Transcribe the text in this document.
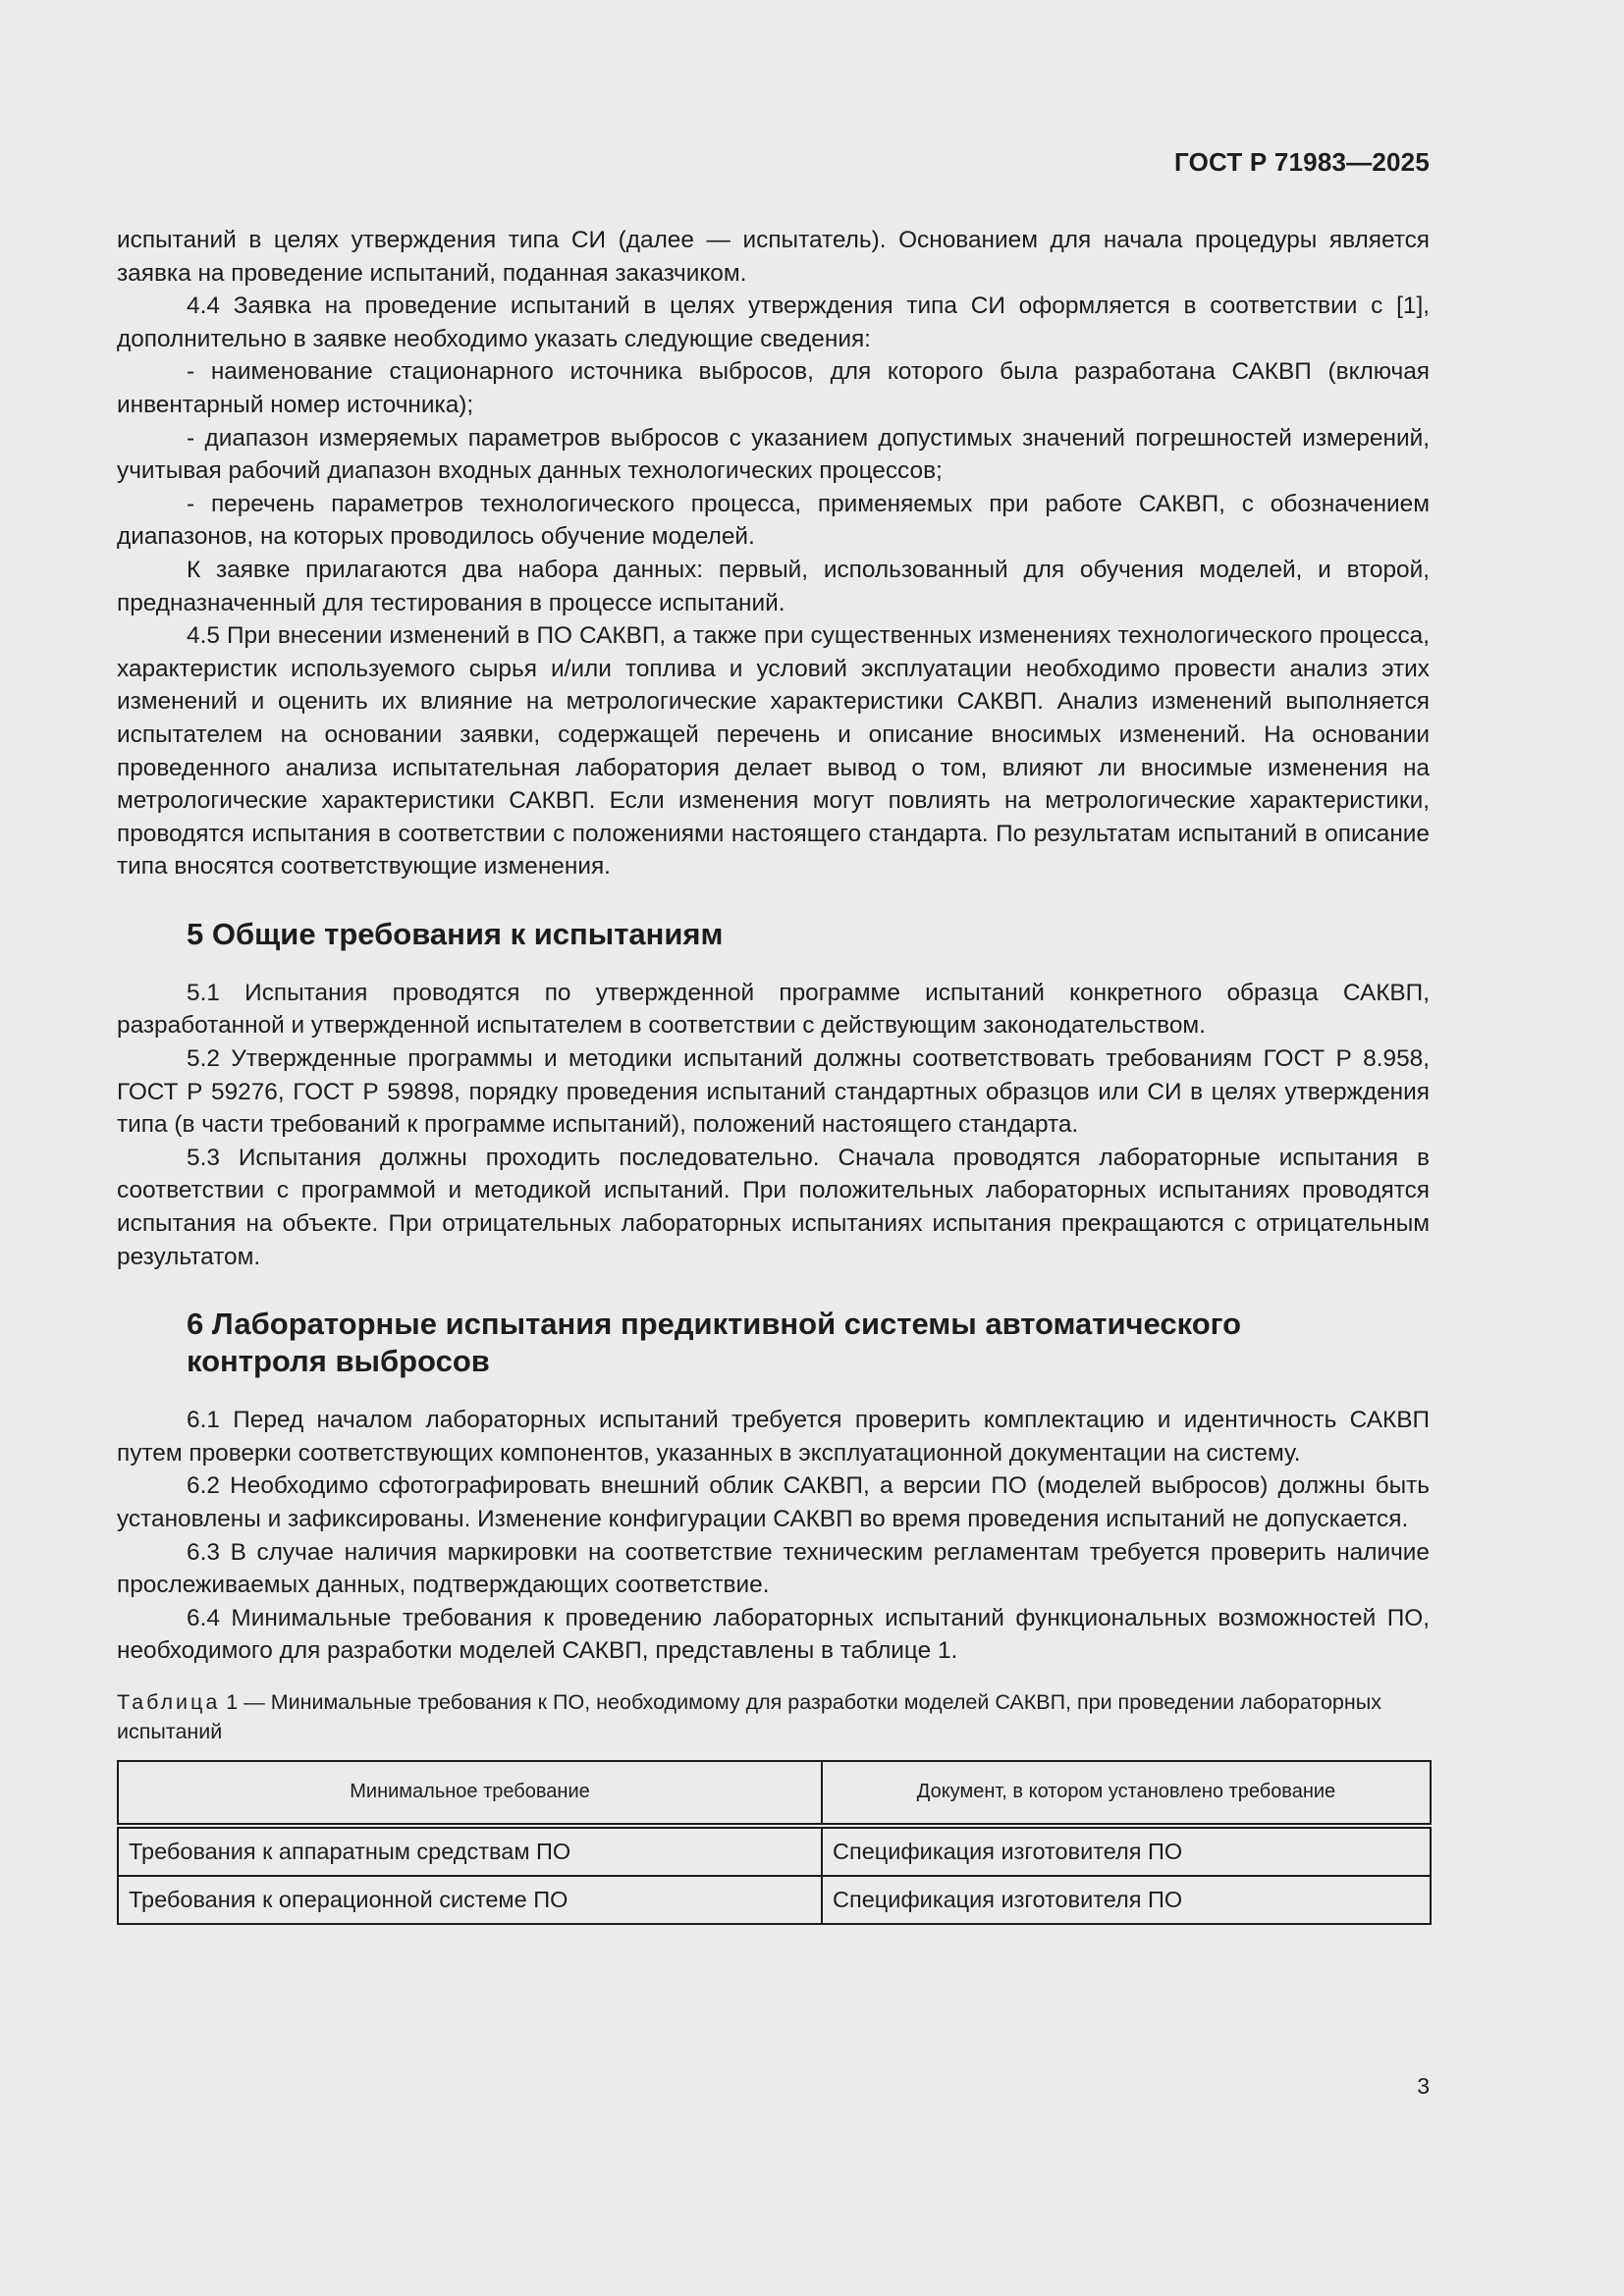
ГОСТ Р 71983—2025

испытаний в целях утверждения типа СИ (далее — испытатель). Основанием для начала процедуры является заявка на проведение испытаний, поданная заказчиком.

4.4 Заявка на проведение испытаний в целях утверждения типа СИ оформляется в соответствии с [1], дополнительно в заявке необходимо указать следующие сведения:

- наименование стационарного источника выбросов, для которого была разработана САКВП (включая инвентарный номер источника);

- диапазон измеряемых параметров выбросов с указанием допустимых значений погрешностей измерений, учитывая рабочий диапазон входных данных технологических процессов;

- перечень параметров технологического процесса, применяемых при работе САКВП, с обозначением диапазонов, на которых проводилось обучение моделей.

К заявке прилагаются два набора данных: первый, использованный для обучения моделей, и второй, предназначенный для тестирования в процессе испытаний.

4.5 При внесении изменений в ПО САКВП, а также при существенных изменениях технологического процесса, характеристик используемого сырья и/или топлива и условий эксплуатации необходимо провести анализ этих изменений и оценить их влияние на метрологические характеристики САКВП. Анализ изменений выполняется испытателем на основании заявки, содержащей перечень и описание вносимых изменений. На основании проведенного анализа испытательная лаборатория делает вывод о том, влияют ли вносимые изменения на метрологические характеристики САКВП. Если изменения могут повлиять на метрологические характеристики, проводятся испытания в соответствии с положениями настоящего стандарта. По результатам испытаний в описание типа вносятся соответствующие изменения.

5 Общие требования к испытаниям

5.1 Испытания проводятся по утвержденной программе испытаний конкретного образца САКВП, разработанной и утвержденной испытателем в соответствии с действующим законодательством.

5.2 Утвержденные программы и методики испытаний должны соответствовать требованиям ГОСТ Р 8.958, ГОСТ Р 59276, ГОСТ Р 59898, порядку проведения испытаний стандартных образцов или СИ в целях утверждения типа (в части требований к программе испытаний), положений настоящего стандарта.

5.3 Испытания должны проходить последовательно. Сначала проводятся лабораторные испытания в соответствии с программой и методикой испытаний. При положительных лабораторных испытаниях проводятся испытания на объекте. При отрицательных лабораторных испытаниях испытания прекращаются с отрицательным результатом.

6 Лабораторные испытания предиктивной системы автоматического
контроля выбросов

6.1 Перед началом лабораторных испытаний требуется проверить комплектацию и идентичность САКВП путем проверки соответствующих компонентов, указанных в эксплуатационной документации на систему.

6.2 Необходимо сфотографировать внешний облик САКВП, а версии ПО (моделей выбросов) должны быть установлены и зафиксированы. Изменение конфигурации САКВП во время проведения испытаний не допускается.

6.3 В случае наличия маркировки на соответствие техническим регламентам требуется проверить наличие прослеживаемых данных, подтверждающих соответствие.

6.4 Минимальные требования к проведению лабораторных испытаний функциональных возможностей ПО, необходимого для разработки моделей САКВП, представлены в таблице 1.

Таблица 1 — Минимальные требования к ПО, необходимому для разработки моделей САКВП, при проведении лабораторных испытаний
Минимальное требование	Документ, в котором установлено требование
Требования к аппаратным средствам ПО	Спецификация изготовителя ПО
Требования к операционной системе ПО	Спецификация изготовителя ПО
3
